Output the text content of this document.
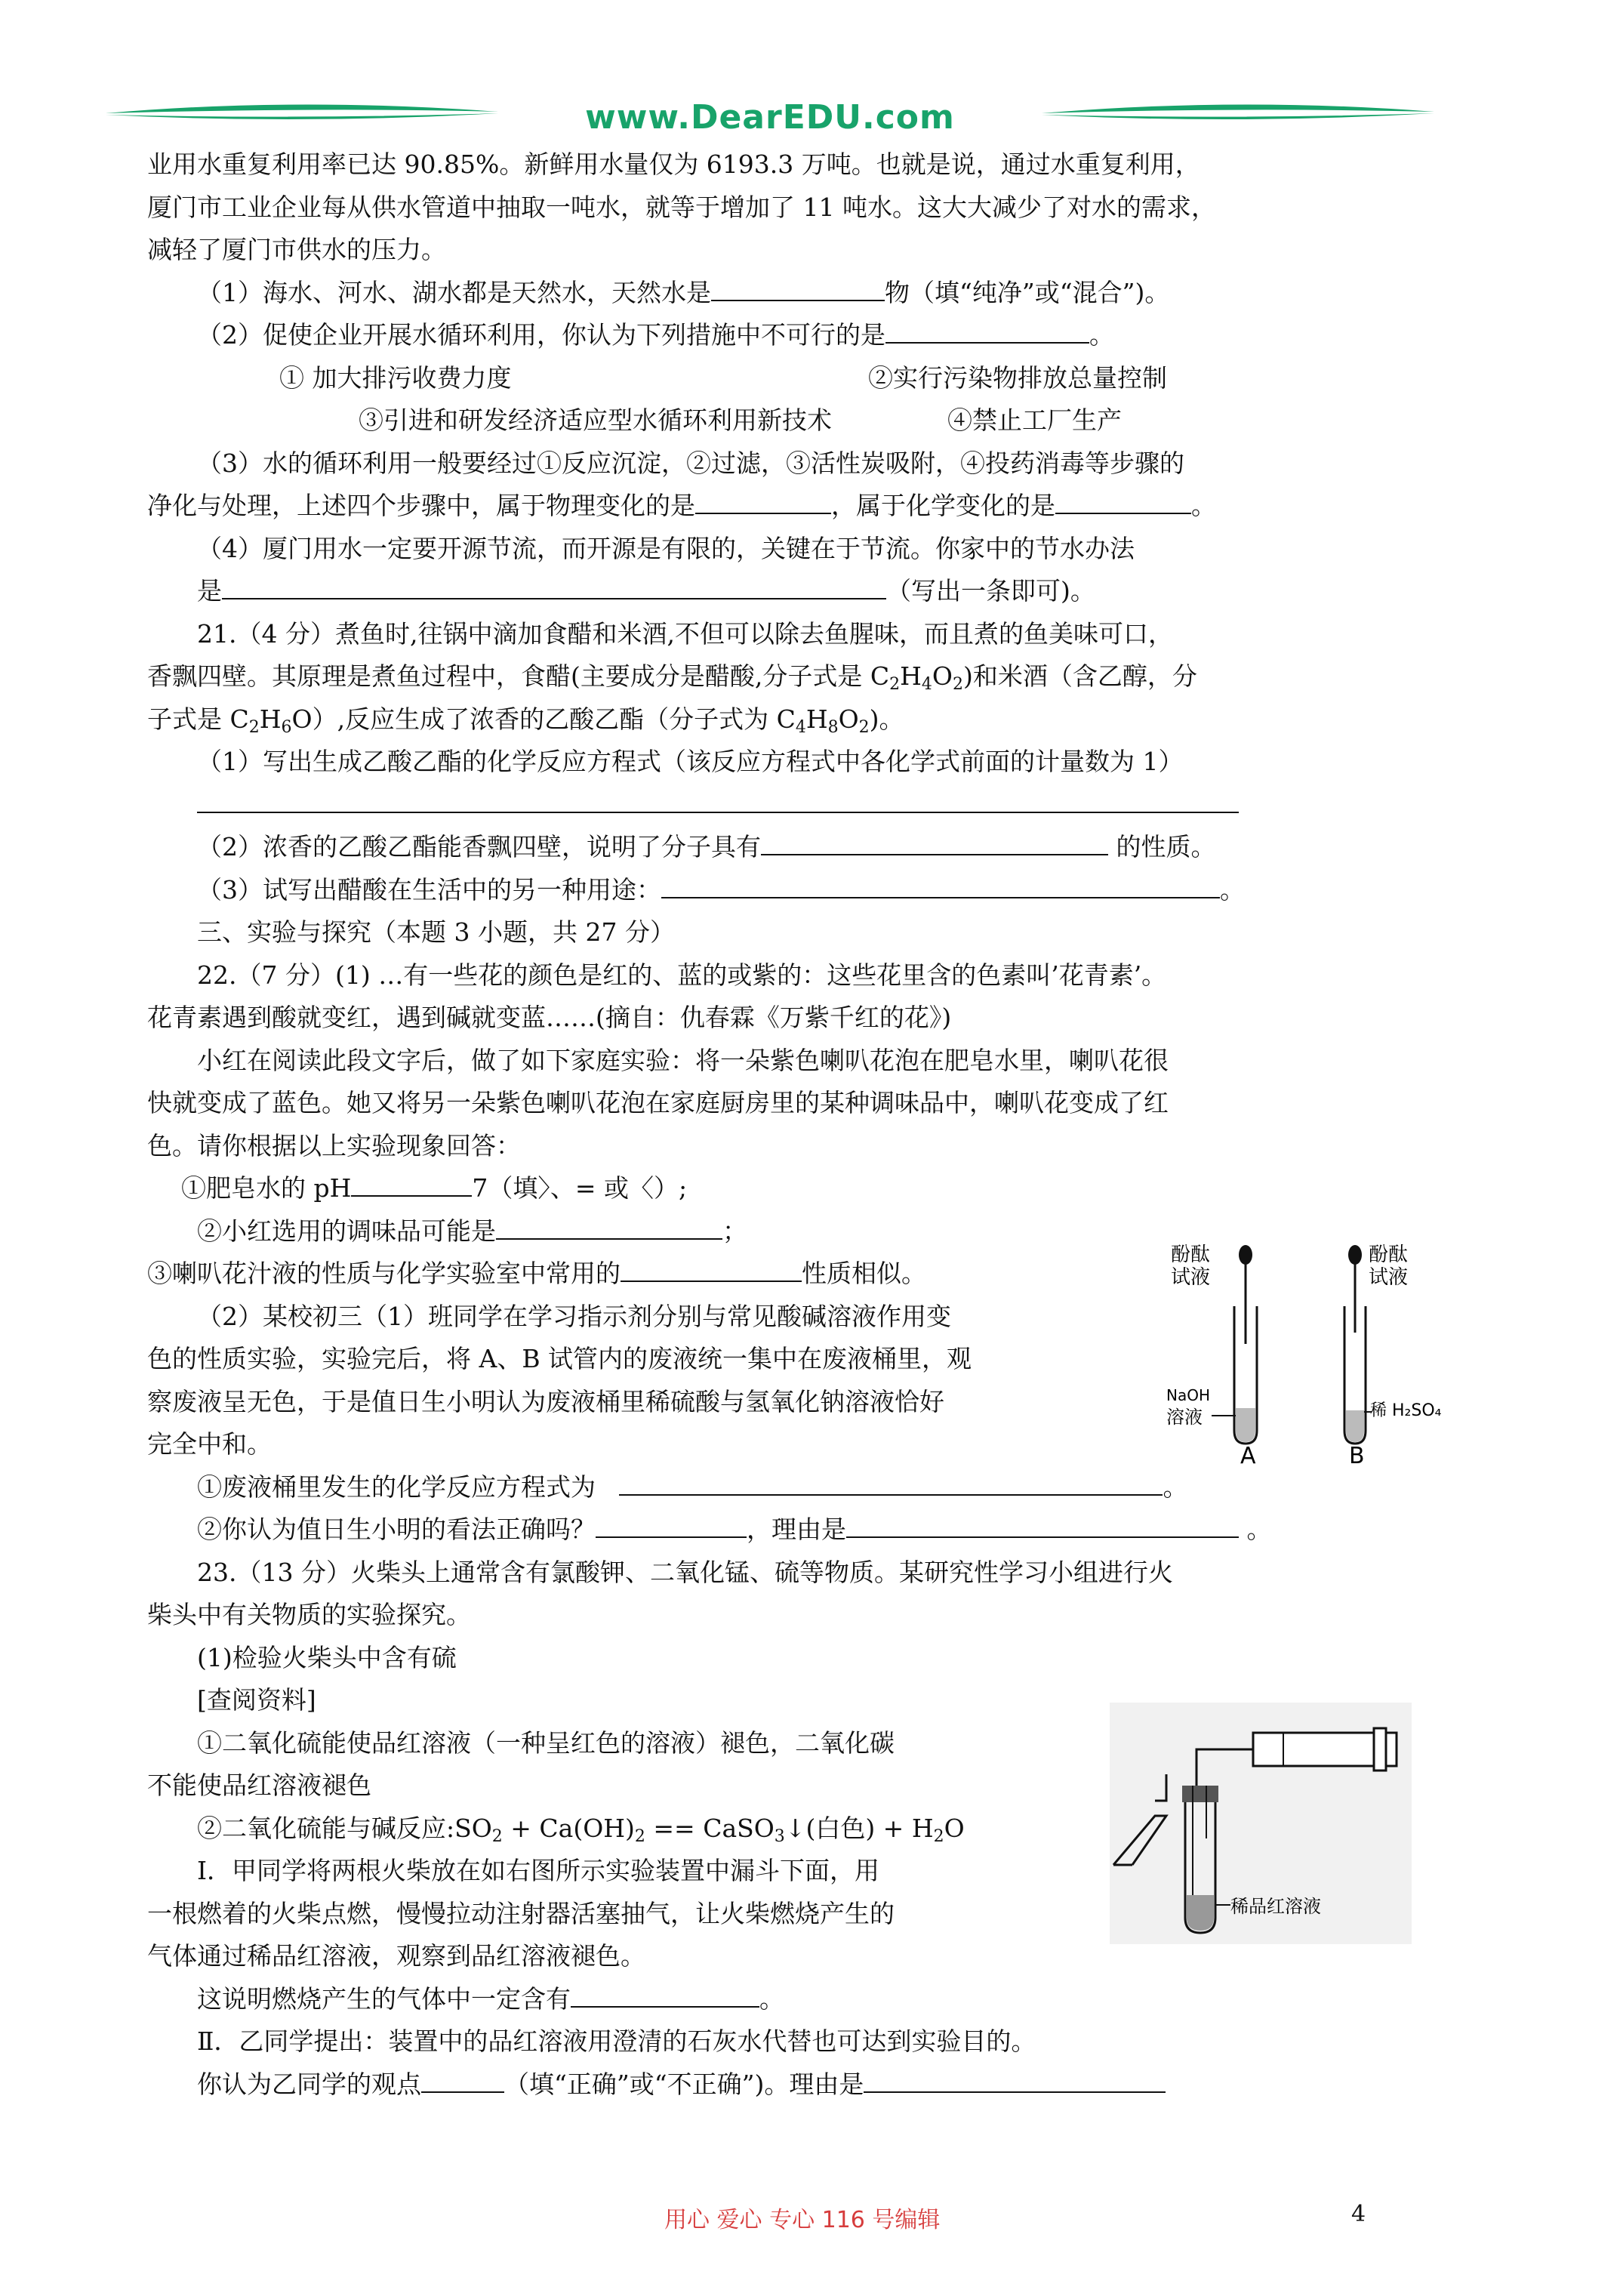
www.DearEDU.com
业用水重复利用率已达 90.85%。新鲜用水量仅为 6193.3 万吨。也就是说，通过水重复利用，
厦门市工业企业每从供水管道中抽取一吨水，就等于增加了 11 吨水。这大大减少了对水的需求，
减轻了厦门市供水的压力。
（1）海水、河水、湖水都是天然水，天然水是	物（填“纯净”或“混合”)。
（2）促使企业开展水循环利用，你认为下列措施中不可行的是	。
① 加大排污收费力度	②实行污染物排放总量控制
③引进和研发经济适应型水循环利用新技术	④禁止工厂生产
（3）水的循环利用一般要经过①反应沉淀，②过滤，③活性炭吸附，④投药消毒等步骤的
净化与处理，上述四个步骤中，属于物理变化的是	，属于化学变化的是	。
（4）厦门用水一定要开源节流，而开源是有限的，关键在于节流。你家中的节水办法
是	（写出一条即可)。
21.（4 分）煮鱼时,往锅中滴加食醋和米酒,不但可以除去鱼腥味，而且煮的鱼美味可口，
香飘四壁。其原理是煮鱼过程中，食醋(主要成分是醋酸,分子式是 $C_2H_4O_2$)和米酒（含乙醇，分
子式是 $C_2H_6O$）,反应生成了浓香的乙酸乙酯（分子式为 $C_4H_8O_2$)。
（1）写出生成乙酸乙酯的化学反应方程式（该反应方程式中各化学式前面的计量数为 1）
（2）浓香的乙酸乙酯能香飘四壁，说明了分子具有	的性质。
（3）试写出醋酸在生活中的另一种用途：	。
三、实验与探究（本题 3 小题，共 27 分）
22.（7 分）(1) …有一些花的颜色是红的、蓝的或紫的：这些花里含的色素叫’花青素’。
花青素遇到酸就变红，遇到碱就变蓝……(摘自：仇春霖《万紫千红的花》)
小红在阅读此段文字后，做了如下家庭实验：将一朵紫色喇叭花泡在肥皂水里，喇叭花很
快就变成了蓝色。她又将另一朵紫色喇叭花泡在家庭厨房里的某种调味品中，喇叭花变成了红
色。请你根据以上实验现象回答：
①肥皂水的 pH	7（填〉、= 或〈）;
②小红选用的调味品可能是	；
③喇叭花汁液的性质与化学实验室中常用的	性质相似。
（2）某校初三（1）班同学在学习指示剂分别与常见酸碱溶液作用变
色的性质实验，实验完后，将 A、B 试管内的废液统一集中在废液桶里，观
察废液呈无色，于是值日生小明认为废液桶里稀硫酸与氢氧化钠溶液恰好
完全中和。
①废液桶里发生的化学反应方程式为	。
②你认为值日生小明的看法正确吗？	，理由是	。
23.（13 分）火柴头上通常含有氯酸钾、二氧化锰、硫等物质。某研究性学习小组进行火
柴头中有关物质的实验探究。
(1)检验火柴头中含有硫
[查阅资料]
①二氧化硫能使品红溶液（一种呈红色的溶液）褪色，二氧化碳
不能使品红溶液褪色
②二氧化硫能与碱反应$:SO_2 + Ca(OH)_2$ == CaSO$_3$↓(白色) + $H_2O$
Ⅰ．甲同学将两根火柴放在如右图所示实验装置中漏斗下面，用
一根燃着的火柴点燃，慢慢拉动注射器活塞抽气，让火柴燃烧产生的
气体通过稀品红溶液，观察到品红溶液褪色。
这说明燃烧产生的气体中一定含有	。
Ⅱ．乙同学提出：装置中的品红溶液用澄清的石灰水代替也可达到实验目的。
你认为乙同学的观点	（填“正确”或“不正确”)。理由是
酚酞
试液
酚酞
试液
NaOH
溶液	稀 H₂SO₄
A	B
稀品红溶液
用心 爱心 专心 116 号编辑	4
